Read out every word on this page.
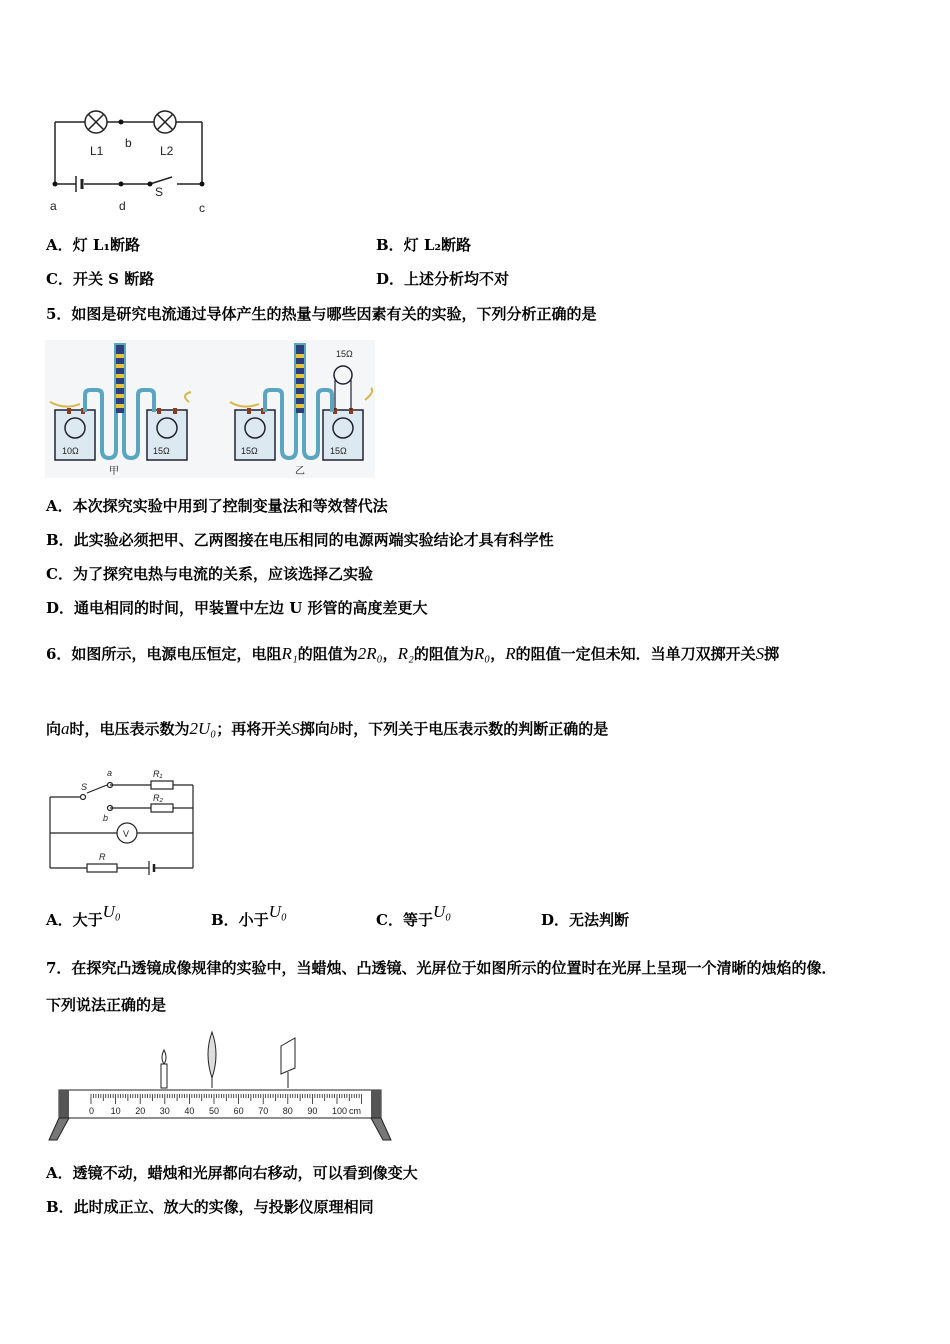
L1
b
L2
S
a	d	c
A．灯 L₁断路	B．灯 L₂断路
C．开关 S 断路	D．上述分析均不对
5．如图是研究电流通过导体产生的热量与哪些因素有关的实验，下列分析正确的是
10Ω	15Ω
甲
15Ω
15Ω	15Ω
乙
A．本次探究实验中用到了控制变量法和等效替代法
B．此实验必须把甲、乙两图接在电压相同的电源两端实验结论才具有科学性
C．为了探究电热与电流的关系，应该选择乙实验
D．通电相同的时间，甲装置中左边 U 形管的高度差更大
6．如图所示，电源电压恒定，电阻R₁的阻值为2R₀，R₂的阻值为R₀，R的阻值一定但未知．当单刀双掷开关S掷
向a时，电压表示数为2U₀；再将开关S掷向b时，下列关于电压表示数的判断正确的是
S
a	R₁
R₂
b
V
R
A．大于U₀	B．小于U₀	C．等于U₀	D．无法判断
7．在探究凸透镜成像规律的实验中，当蜡烛、凸透镜、光屏位于如图所示的位置时在光屏上呈现一个清晰的烛焰的像．
下列说法正确的是
0 10 20 30 40 50 60 70 80 90 100 cm
A．透镜不动，蜡烛和光屏都向右移动，可以看到像变大
B．此时成正立、放大的实像，与投影仪原理相同
